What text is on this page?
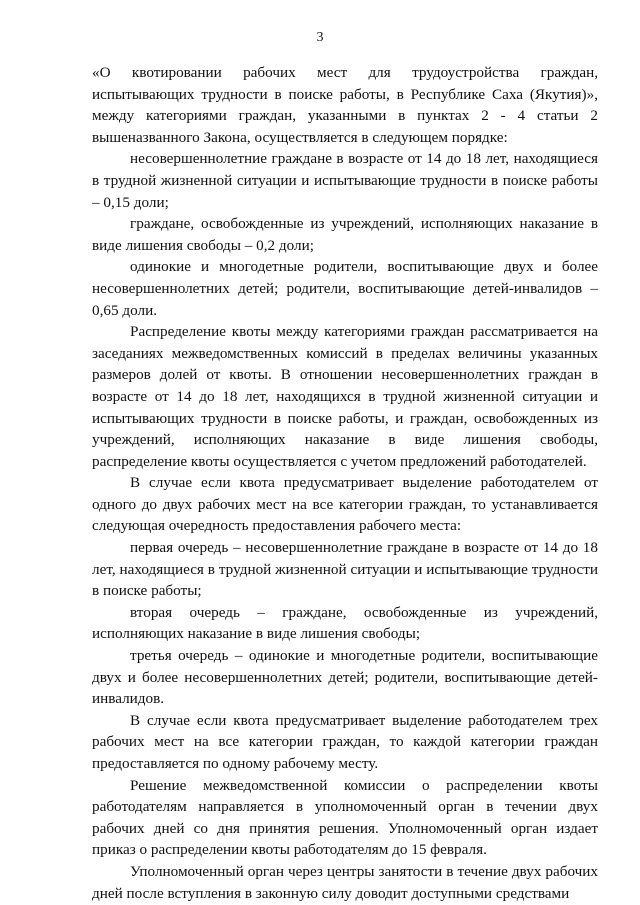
3

«О квотировании рабочих мест для трудоустройства граждан, испытывающих трудности в поиске работы, в Республике Саха (Якутия)», между категориями граждан, указанными в пунктах 2 - 4 статьи 2 вышеназванного Закона, осуществляется в следующем порядке:

несовершеннолетние граждане в возрасте от 14 до 18 лет, находящиеся в трудной жизненной ситуации и испытывающие трудности в поиске работы – 0,15 доли;

граждане, освобожденные из учреждений, исполняющих наказание в виде лишения свободы – 0,2 доли;

одинокие и многодетные родители, воспитывающие двух и более несовершеннолетних детей; родители, воспитывающие детей-инвалидов – 0,65 доли.

Распределение квоты между категориями граждан рассматривается на заседаниях межведомственных комиссий в пределах величины указанных размеров долей от квоты. В отношении несовершеннолетних граждан в возрасте от 14 до 18 лет, находящихся в трудной жизненной ситуации и испытывающих трудности в поиске работы, и граждан, освобожденных из учреждений, исполняющих наказание в виде лишения свободы, распределение квоты осуществляется с учетом предложений работодателей.

В случае если квота предусматривает выделение работодателем от одного до двух рабочих мест на все категории граждан, то устанавливается следующая очередность предоставления рабочего места:

первая очередь – несовершеннолетние граждане в возрасте от 14 до 18 лет, находящиеся в трудной жизненной ситуации и испытывающие трудности в поиске работы;

вторая очередь – граждане, освобожденные из учреждений, исполняющих наказание в виде лишения свободы;

третья очередь – одинокие и многодетные родители, воспитывающие двух и более несовершеннолетних детей; родители, воспитывающие детей-инвалидов.

В случае если квота предусматривает выделение работодателем трех рабочих мест на все категории граждан, то каждой категории граждан предоставляется по одному рабочему месту.

Решение межведомственной комиссии о распределении квоты работодателям направляется в уполномоченный орган в течении двух рабочих дней со дня принятия решения. Уполномоченный орган издает приказ о распределении квоты работодателям до 15 февраля.

Уполномоченный орган через центры занятости в течение двух рабочих дней после вступления в законную силу доводит доступными средствами
